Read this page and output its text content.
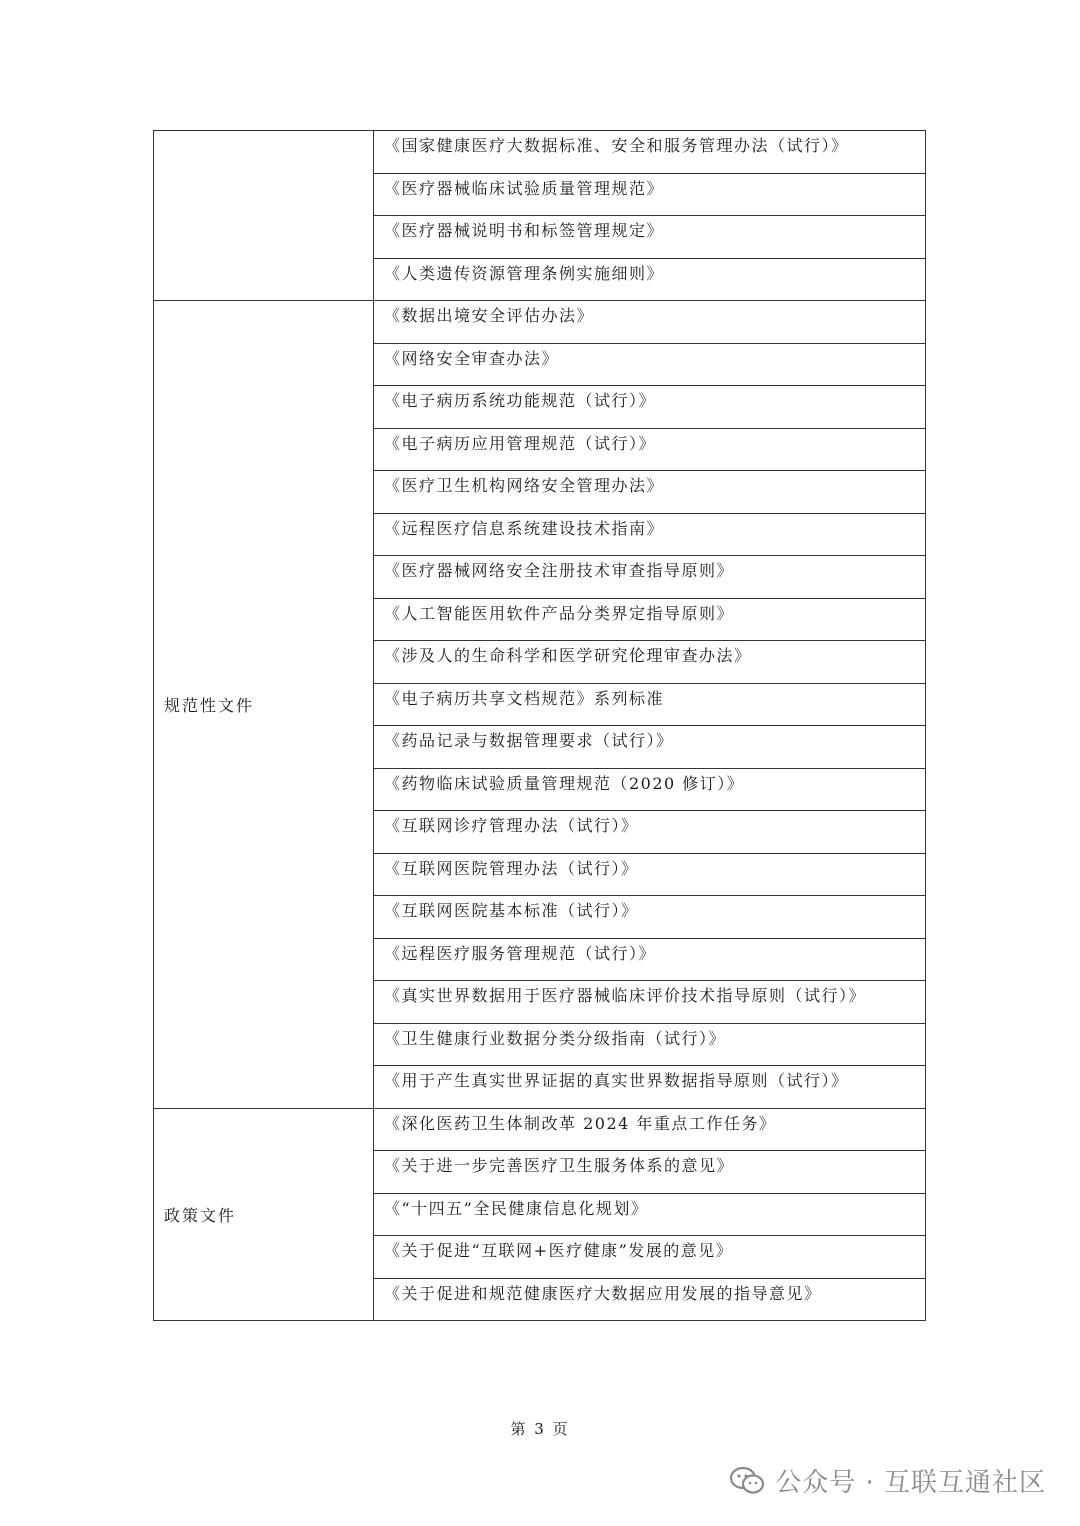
	《国家健康医疗大数据标准、安全和服务管理办法（试行）》
	《医疗器械临床试验质量管理规范》
	《医疗器械说明书和标签管理规定》
	《人类遗传资源管理条例实施细则》
规范性文件	《数据出境安全评估办法》
	《网络安全审查办法》
	《电子病历系统功能规范（试行）》
	《电子病历应用管理规范（试行）》
	《医疗卫生机构网络安全管理办法》
	《远程医疗信息系统建设技术指南》
	《医疗器械网络安全注册技术审查指导原则》
	《人工智能医用软件产品分类界定指导原则》
	《涉及人的生命科学和医学研究伦理审查办法》
	《电子病历共享文档规范》系列标准
	《药品记录与数据管理要求（试行）》
	《药物临床试验质量管理规范（2020 修订）》
	《互联网诊疗管理办法（试行）》
	《互联网医院管理办法（试行）》
	《互联网医院基本标准（试行）》
	《远程医疗服务管理规范（试行）》
	《真实世界数据用于医疗器械临床评价技术指导原则（试行）》
	《卫生健康行业数据分类分级指南（试行）》
	《用于产生真实世界证据的真实世界数据指导原则（试行）》
政策文件	《深化医药卫生体制改革 2024 年重点工作任务》
	《关于进一步完善医疗卫生服务体系的意见》
	《“十四五”全民健康信息化规划》
	《关于促进“互联网+医疗健康”发展的意见》
	《关于促进和规范健康医疗大数据应用发展的指导意见》
第 3 页
公众号 · 互联互通社区
